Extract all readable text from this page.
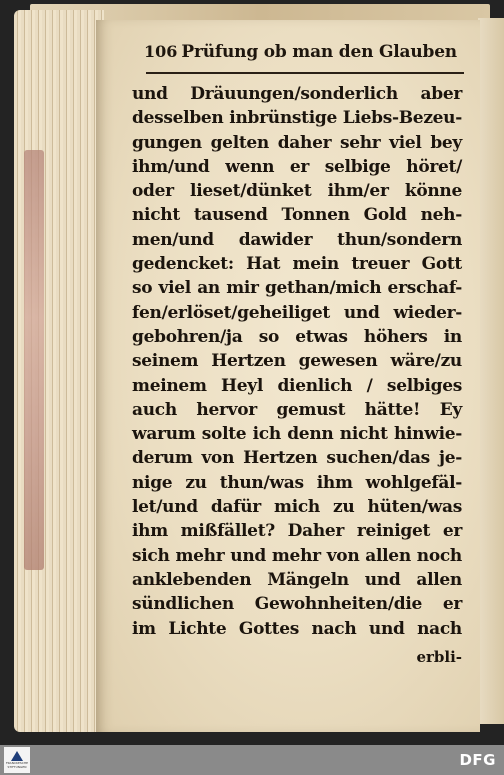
106 Prüfung ob man den Glauben
und Dräuungen/sonderlich aber
desselben inbrünstige Liebs-Bezeu-
gungen gelten daher sehr viel bey
ihm/und wenn er selbige höret/
oder lieset/dünket ihm/er könne
nicht tausend Tonnen Gold neh-
men/und dawider thun/sondern
gedencket: Hat mein treuer Gott
so viel an mir gethan/mich erschaf-
fen/erlöset/geheiliget und wieder-
gebohren/ja so etwas höhers in
seinem Hertzen gewesen wäre/zu
meinem Heyl dienlich / selbiges
auch hervor gemust hätte! Ey
warum solte ich denn nicht hinwie-
derum von Hertzen suchen/das je-
nige zu thun/was ihm wohlgefäl-
let/und dafür mich zu hüten/was
ihm mißfället? Daher reiniget er
sich mehr und mehr von allen noch
anklebenden Mängeln und allen
sündlichen Gewohnheiten/die er
im Lichte Gottes nach und nach
erbli-
FRANCKESCHE STIFTUNGEN	DFG
